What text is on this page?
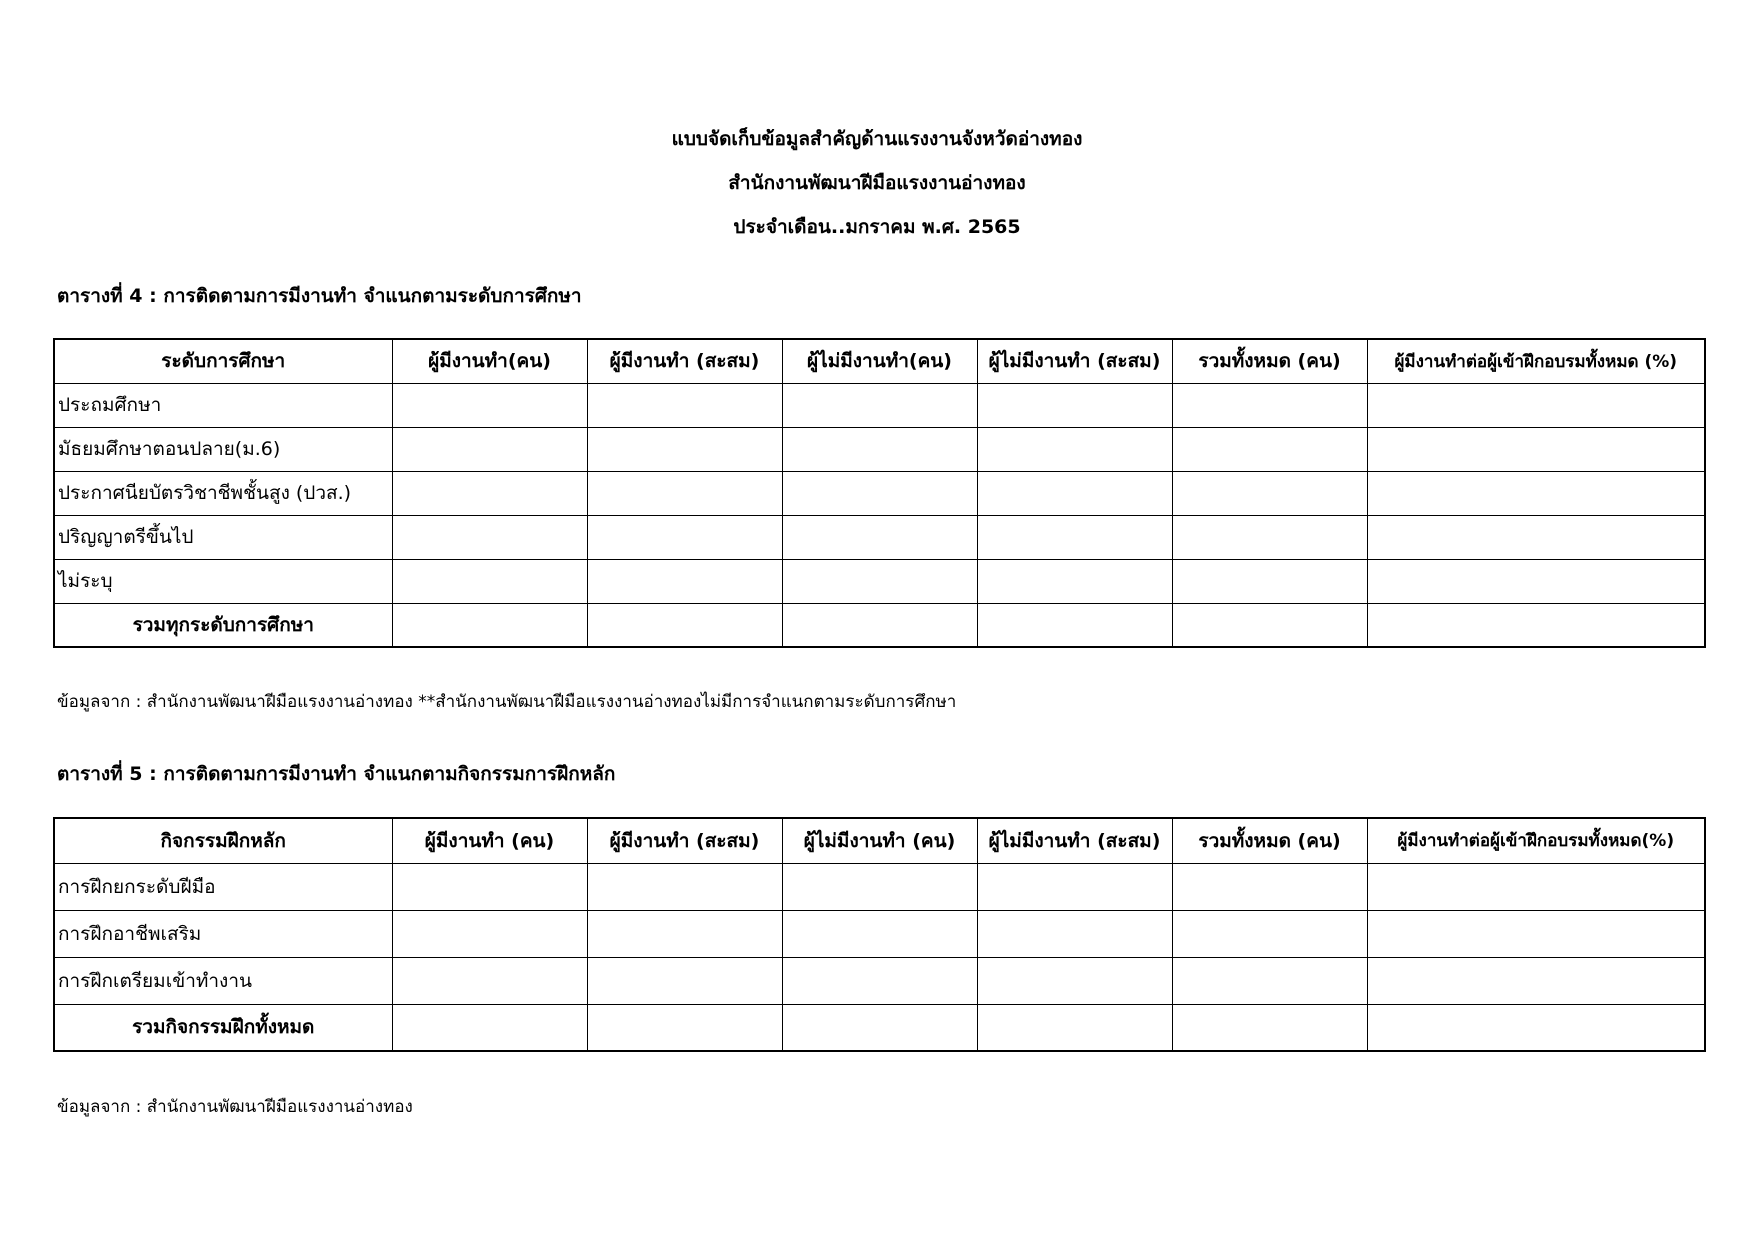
แบบจัดเก็บข้อมูลสำคัญด้านแรงงานจังหวัดอ่างทอง
สำนักงานพัฒนาฝีมือแรงงานอ่างทอง
ประจำเดือน..มกราคม พ.ศ. 2565
ตารางที่ 4 : การติดตามการมีงานทำ จำแนกตามระดับการศึกษา
ระดับการศึกษา	ผู้มีงานทำ(คน)	ผู้มีงานทำ (สะสม)	ผู้ไม่มีงานทำ(คน)	ผู้ไม่มีงานทำ (สะสม)	รวมทั้งหมด (คน)	ผู้มีงานทำต่อผู้เข้าฝึกอบรมทั้งหมด (%)
ประถมศึกษา						
มัธยมศึกษาตอนปลาย(ม.6)						
ประกาศนียบัตรวิชาชีพชั้นสูง (ปวส.)						
ปริญญาตรีขึ้นไป						
ไม่ระบุ						
รวมทุกระดับการศึกษา						
ข้อมูลจาก : สำนักงานพัฒนาฝีมือแรงงานอ่างทอง **สำนักงานพัฒนาฝีมือแรงงานอ่างทองไม่มีการจำแนกตามระดับการศึกษา
ตารางที่ 5 : การติดตามการมีงานทำ จำแนกตามกิจกรรมการฝึกหลัก
กิจกรรมฝึกหลัก	ผู้มีงานทำ (คน)	ผู้มีงานทำ (สะสม)	ผู้ไม่มีงานทำ (คน)	ผู้ไม่มีงานทำ (สะสม)	รวมทั้งหมด (คน)	ผู้มีงานทำต่อผู้เข้าฝึกอบรมทั้งหมด(%)
การฝึกยกระดับฝีมือ						
การฝึกอาชีพเสริม						
การฝึกเตรียมเข้าทำงาน						
รวมกิจกรรมฝึกทั้งหมด						
ข้อมูลจาก : สำนักงานพัฒนาฝีมือแรงงานอ่างทอง
